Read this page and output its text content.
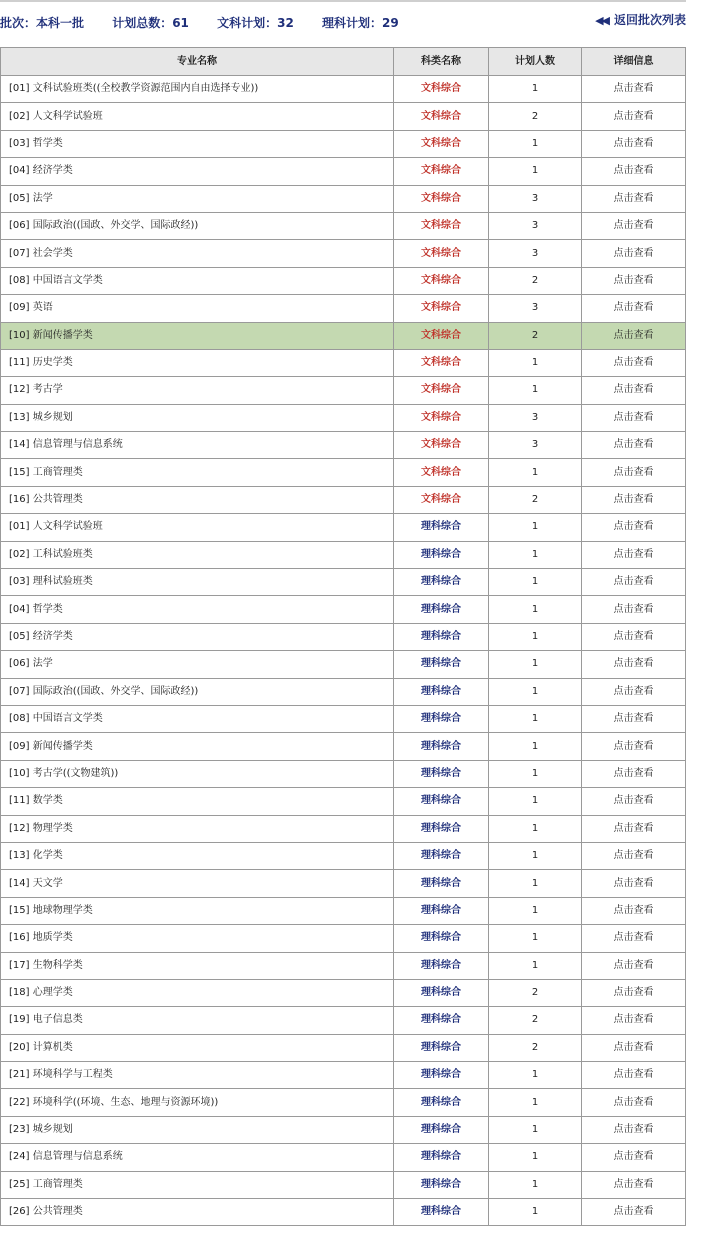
批次：本科一批 计划总数：61 文科计划：32 理科计划：29	◀◀ 返回批次列表
专业名称	科类名称	计划人数	详细信息
[01] 文科试验班类((全校教学资源范围内自由选择专业))	文科综合	1	点击查看
[02] 人文科学试验班	文科综合	2	点击查看
[03] 哲学类	文科综合	1	点击查看
[04] 经济学类	文科综合	1	点击查看
[05] 法学	文科综合	3	点击查看
[06] 国际政治((国政、外交学、国际政经))	文科综合	3	点击查看
[07] 社会学类	文科综合	3	点击查看
[08] 中国语言文学类	文科综合	2	点击查看
[09] 英语	文科综合	3	点击查看
[10] 新闻传播学类	文科综合	2	点击查看
[11] 历史学类	文科综合	1	点击查看
[12] 考古学	文科综合	1	点击查看
[13] 城乡规划	文科综合	3	点击查看
[14] 信息管理与信息系统	文科综合	3	点击查看
[15] 工商管理类	文科综合	1	点击查看
[16] 公共管理类	文科综合	2	点击查看
[01] 人文科学试验班	理科综合	1	点击查看
[02] 工科试验班类	理科综合	1	点击查看
[03] 理科试验班类	理科综合	1	点击查看
[04] 哲学类	理科综合	1	点击查看
[05] 经济学类	理科综合	1	点击查看
[06] 法学	理科综合	1	点击查看
[07] 国际政治((国政、外交学、国际政经))	理科综合	1	点击查看
[08] 中国语言文学类	理科综合	1	点击查看
[09] 新闻传播学类	理科综合	1	点击查看
[10] 考古学((文物建筑))	理科综合	1	点击查看
[11] 数学类	理科综合	1	点击查看
[12] 物理学类	理科综合	1	点击查看
[13] 化学类	理科综合	1	点击查看
[14] 天文学	理科综合	1	点击查看
[15] 地球物理学类	理科综合	1	点击查看
[16] 地质学类	理科综合	1	点击查看
[17] 生物科学类	理科综合	1	点击查看
[18] 心理学类	理科综合	2	点击查看
[19] 电子信息类	理科综合	2	点击查看
[20] 计算机类	理科综合	2	点击查看
[21] 环境科学与工程类	理科综合	1	点击查看
[22] 环境科学((环境、生态、地理与资源环境))	理科综合	1	点击查看
[23] 城乡规划	理科综合	1	点击查看
[24] 信息管理与信息系统	理科综合	1	点击查看
[25] 工商管理类	理科综合	1	点击查看
[26] 公共管理类	理科综合	1	点击查看
